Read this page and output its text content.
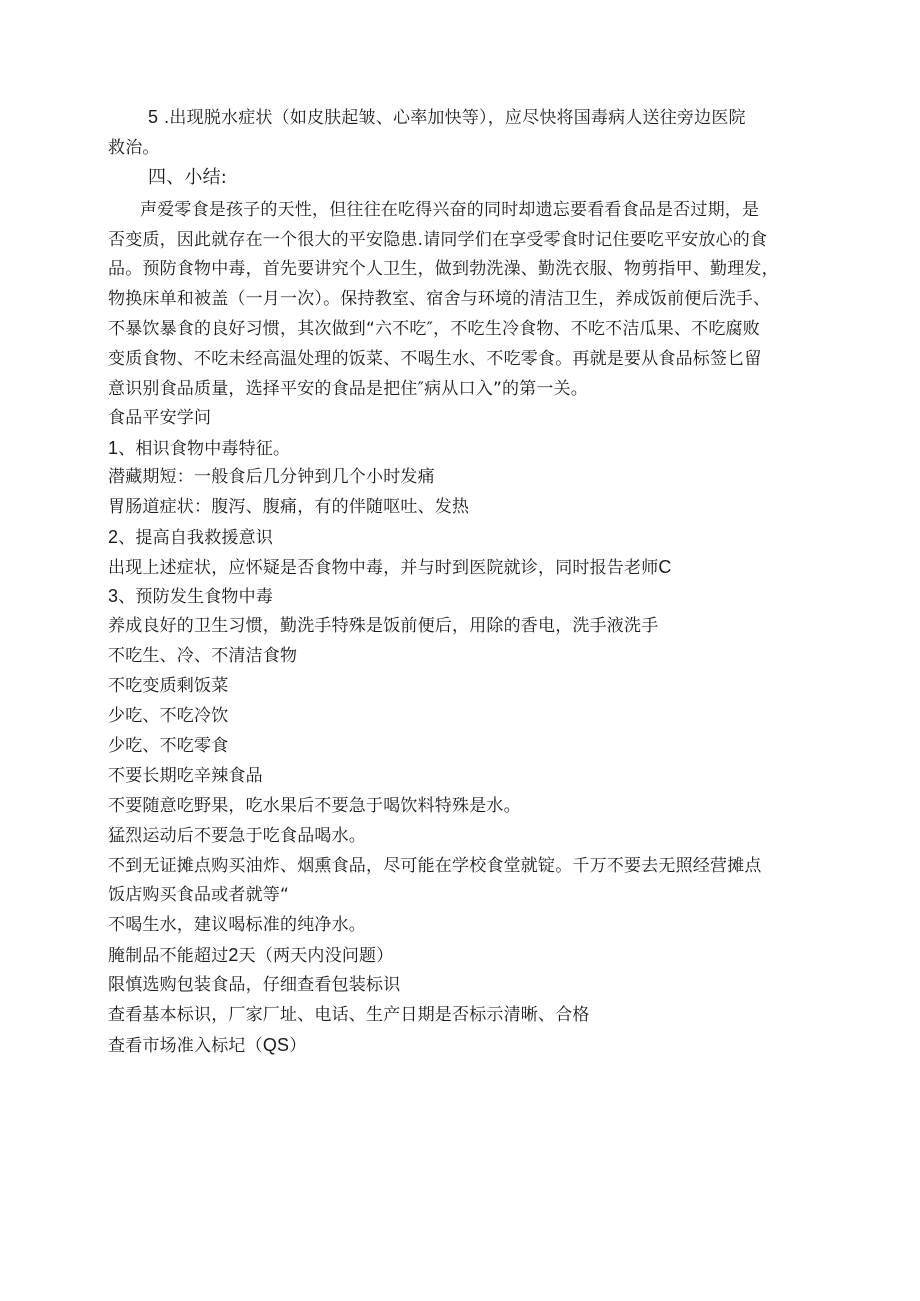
5 .出现脱水症状（如皮肤起皱、心率加快等），应尽快将国毒病人送往旁边医院
救治。
四、小结:
声爱零食是孩子的天性，但往往在吃得兴奋的同时却遗忘要看看食品是否过期，是
否变质，因此就存在一个很大的平安隐患.请同学们在享受零食时记住要吃平安放心的食
品。预防食物中毒，首先要讲究个人卫生，做到勃洗澡、勤洗衣服、物剪指甲、勤理发，
物换床单和被盖（一月一次）。保持教室、宿舍与环境的清洁卫生，养成饭前便后洗手、
不暴饮暴食的良好习惯，其次做到“六不吃″，不吃生冷食物、不吃不洁瓜果、不吃腐败
变质食物、不吃未经高温处理的饭菜、不喝生水、不吃零食。再就是要从食品标签匕留
意识别食品质量，选择平安的食品是把住″病从口入”的第一关。
食品平安学问
1、相识食物中毒特征。
潜藏期短：一般食后几分钟到几个小时发痛
胃肠道症状：腹泻、腹痛，有的伴随呕吐、发热
2、提高自我救援意识
出现上述症状，应怀疑是否食物中毒，并与时到医院就诊，同时报告老师C
3、预防发生食物中毒
养成良好的卫生习惯，勤洗手特殊是饭前便后，用除的香电，洗手液洗手
不吃生、冷、不清洁食物
不吃变质剩饭菜
少吃、不吃冷饮
少吃、不吃零食
不要长期吃辛辣食品
不要随意吃野果，吃水果后不要急于喝饮料特殊是水。
猛烈运动后不要急于吃食品喝水。
不到无证摊点购买油炸、烟熏食品，尽可能在学校食堂就锭。千万不要去无照经营摊点
饭店购买食品或者就等“
不喝生水，建议喝标准的纯净水。
腌制品不能超过2天（两天内没问题）
限慎选购包装食品，仔细查看包装标识
查看基本标识，厂家厂址、电话、生产日期是否标示清晰、合格
查看市场准入标圮（QS）
